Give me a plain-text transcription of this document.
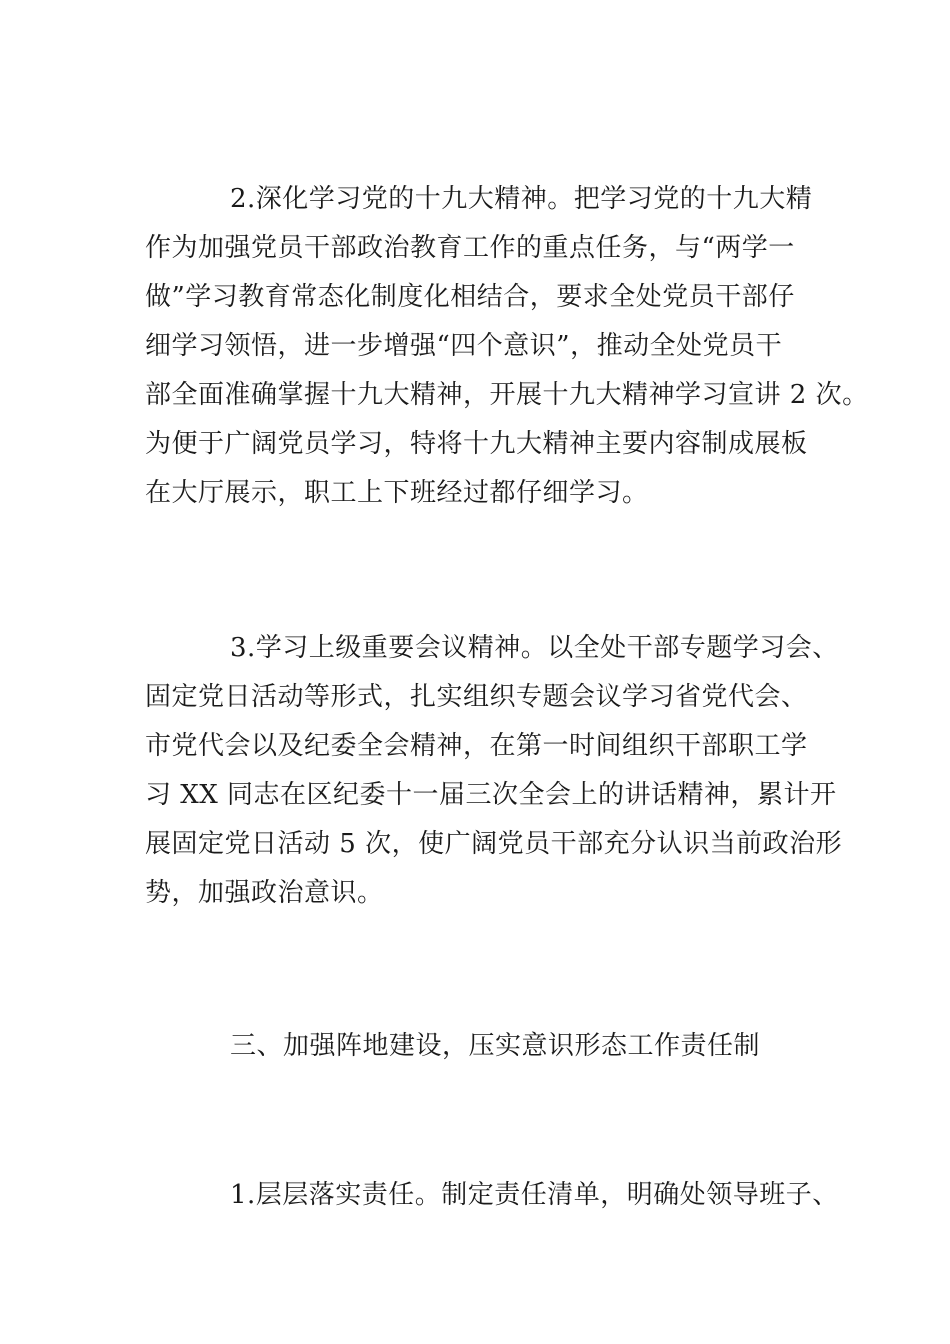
2.深化学习党的十九大精神。把学习党的十九大精
作为加强党员干部政治教育工作的重点任务，与“两学一
做”学习教育常态化制度化相结合，要求全处党员干部仔
细学习领悟，进一步增强“四个意识”，推动全处党员干
部全面准确掌握十九大精神，开展十九大精神学习宣讲 2 次。
为便于广阔党员学习，特将十九大精神主要内容制成展板
在大厅展示，职工上下班经过都仔细学习。
3.学习上级重要会议精神。以全处干部专题学习会、
固定党日活动等形式，扎实组织专题会议学习省党代会、
市党代会以及纪委全会精神，在第一时间组织干部职工学
习 XX 同志在区纪委十一届三次全会上的讲话精神，累计开
展固定党日活动 5 次，使广阔党员干部充分认识当前政治形
势，加强政治意识。
三、加强阵地建设，压实意识形态工作责任制
1.层层落实责任。制定责任清单，明确处领导班子、
